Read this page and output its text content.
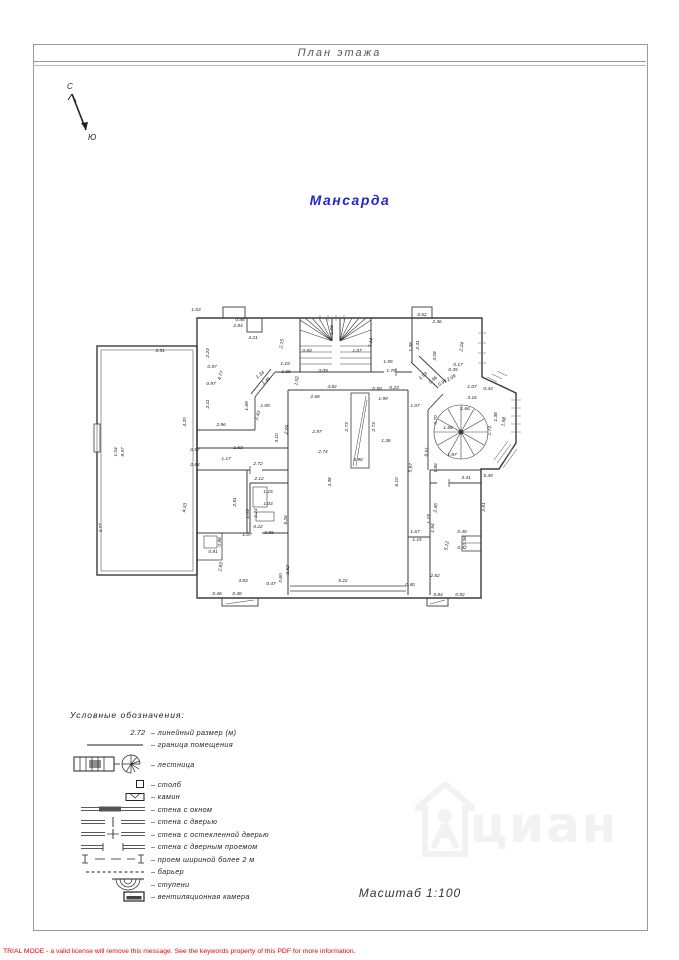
План этажа
С
Ю
Мансарда
1.03
0.88
2.84
4.21
2.23
2.15
0.57
4.77
0.97
1.19
1.65
1.34
1.46	1.02
2.11	1.69 1.09
2.43
2.96
3.10
2.09
1.63
1.17
2.72
2.12
1.15
1.03
2.51
1.05 1.24
0.22
1.07	0.96
0.98
0.91
2.83
3.83
0.46 0.48
3.51
4.20
1.04 9.37
4.33
4.77
0.97
0.84
5.26
0.47
0.60
0.62
5.22
2.68
4.82	0.50
1.99
0.23
2.97
2.74
2.73	2.73
1.36
0.90
4.38	6.10
5.97
1.07
1.06
3.09
1.07
0.60
2.14
1.55
1.76
1.38 2.31
1.53 0.96
2.36
0.62
2.24
3.08
0.17
0.35
2.09
0.99	1.07 0.43
3.16
1.66
1.68
1.98
1.38
1.73
0.70
6.51	1.87
1.86
3.41	5.49
2.45
1.19
1.94
2.61
1.67
1.15
5.12
0.40
0.36
0.42
2.82
0.40
5.84	0.92
Условные обозначения:
2.72 – линейный размер (м)
– граница помещения
– лестница
– столб
– камин
– стена с окном
– стена с дверью
– стена с остекленной дверью
– стена с дверным проемом
– проем шириной более 2 м
– барьер
– ступени
– вентиляционная камера
циан
Масштаб 1:100
TRIAL MODE - a valid license will remove this message. See the keywords property of this PDF for more information.
